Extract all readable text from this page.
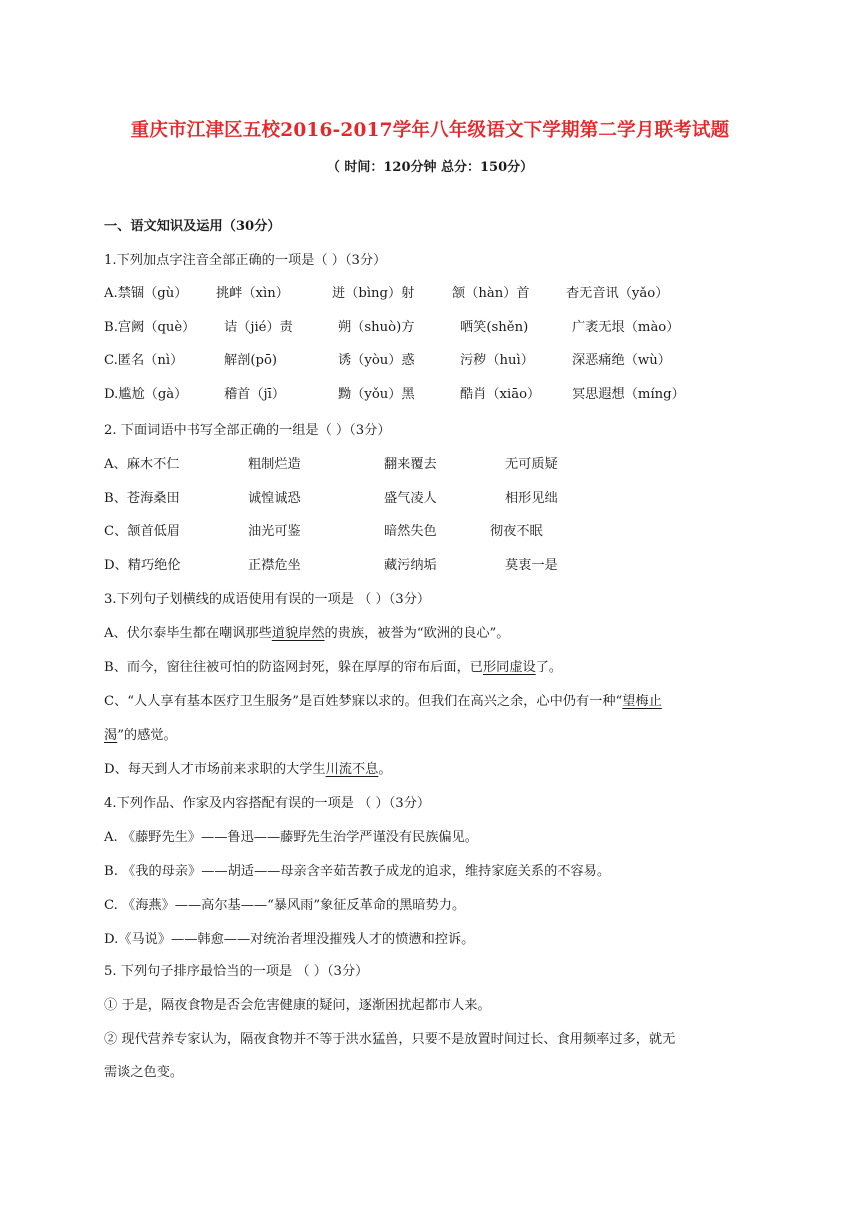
重庆市江津区五校2016-2017学年八年级语文下学期第二学月联考试题
（ 时间：120分钟 总分：150分）
一、语文知识及运用（30分）
1.下列加点字注音全部正确的一项是（ ）（3分）
A.禁锢（gù） 挑衅（xìn）	迸（bìng）射	颔（hàn）首	杳无音讯（yǎo）
B.宫阙（què） 诘（jié）责	朔（shuò)方	哂笑(shěn)	广袤无垠（mào）
C.匿名（nì）	解剖(pō)	诱（yòu）惑	污秽（huì）	深恶痛绝（wù）
D.尴尬（gà）	稽首（jī）	黝（yǒu）黑	酷肖（xiāo） 冥思遐想（míng）
2. 下面词语中书写全部正确的一组是（ ）（3分）
A、麻木不仁	粗制烂造	翻来覆去	无可质疑
B、苍海桑田	诚惶诚恐	盛气凌人	相形见绌
C、颔首低眉	油光可鉴	暗然失色	彻夜不眠
D、精巧绝伦	正襟危坐	藏污纳垢	莫衷一是
3.下列句子划横线的成语使用有误的一项是 （ ）（3分）
A、伏尔泰毕生都在嘲讽那些道貌岸然的贵族，被誉为“欧洲的良心”。
B、而今，窗往往被可怕的防盗网封死，躲在厚厚的帘布后面，已形同虚设了。
C、“人人享有基本医疗卫生服务”是百姓梦寐以求的。但我们在高兴之余，心中仍有一种“望梅止
渴”的感觉。
D、每天到人才市场前来求职的大学生川流不息。
4.下列作品、作家及内容搭配有误的一项是 （ ）（3分）
A. 《藤野先生》——鲁迅——藤野先生治学严谨没有民族偏见。
B. 《我的母亲》——胡适——母亲含辛茹苦教子成龙的追求，维持家庭关系的不容易。
C. 《海燕》——高尔基——“暴风雨”象征反革命的黑暗势力。
D.《马说》——韩愈——对统治者埋没摧残人才的愤懑和控诉。
5. 下列句子排序最恰当的一项是 （ ）（3分）
① 于是，隔夜食物是否会危害健康的疑问，逐渐困扰起都市人来。
② 现代营养专家认为，隔夜食物并不等于洪水猛兽，只要不是放置时间过长、食用频率过多，就无
需谈之色变。
